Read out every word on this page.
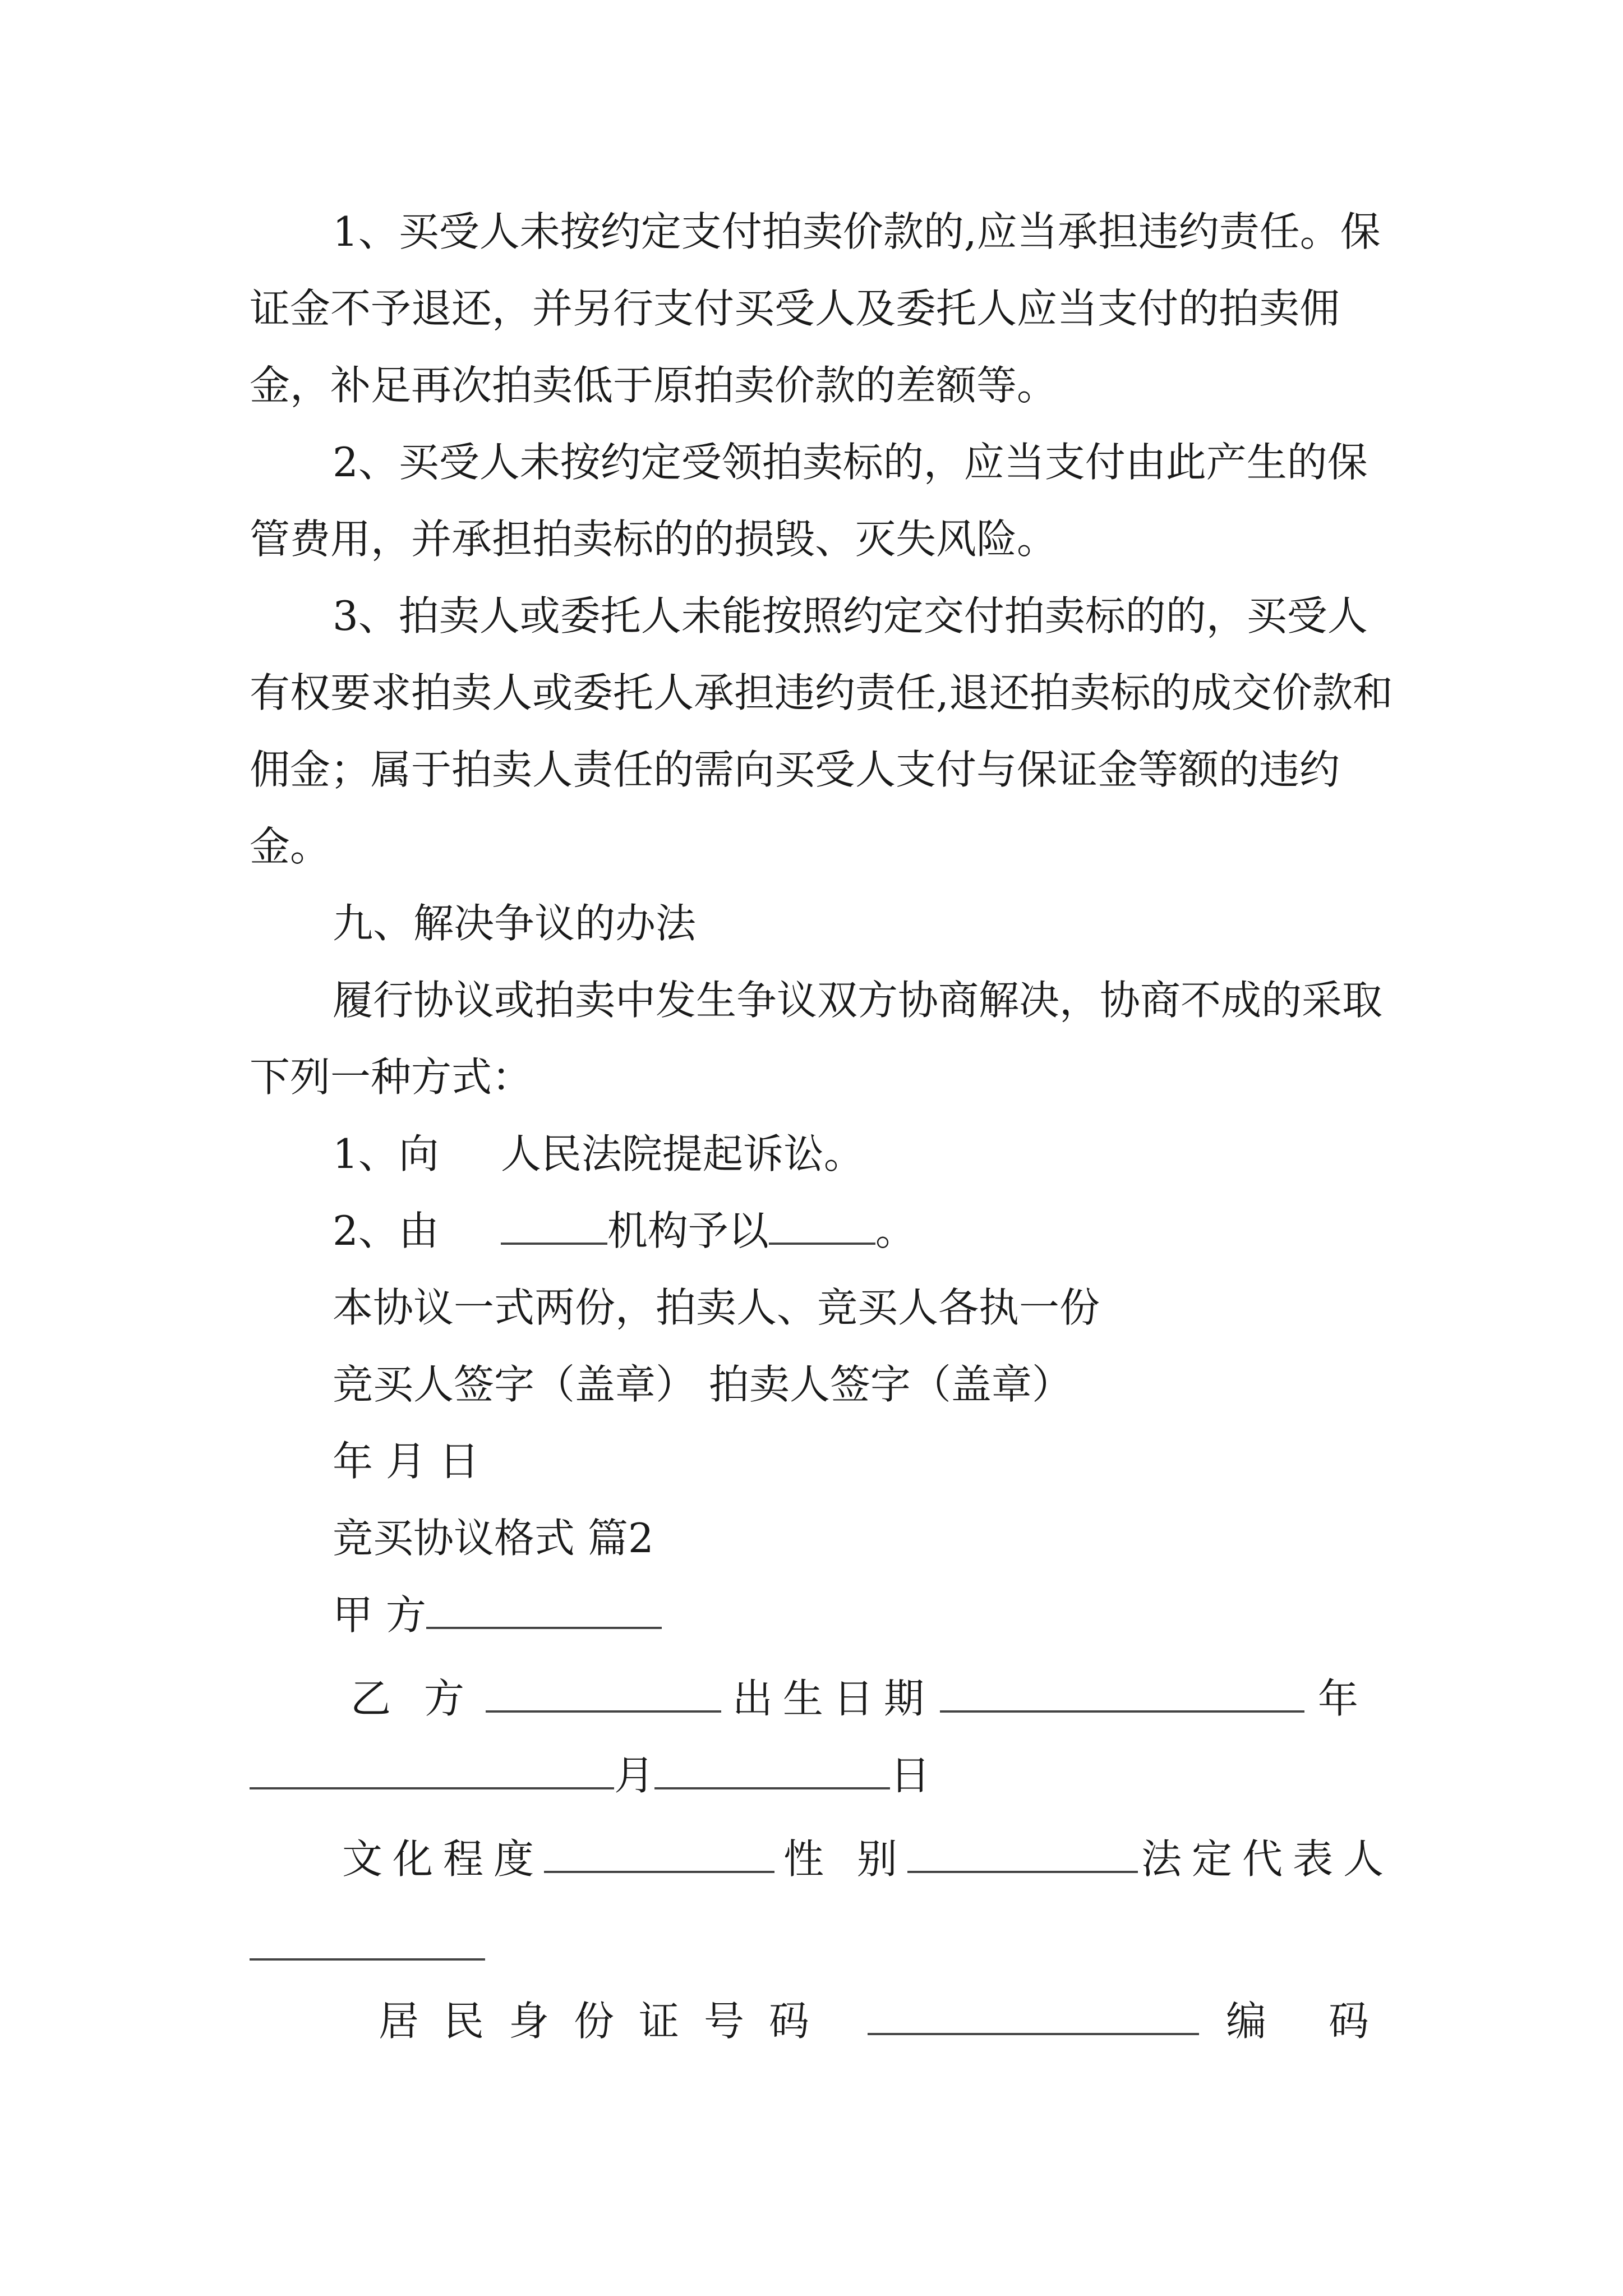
1、买受人未按约定支付拍卖价款的,应当承担违约责任。保证金不予退还，并另行支付买受人及委托人应当支付的拍卖佣金，补足再次拍卖低于原拍卖价款的差额等。

2、买受人未按约定受领拍卖标的，应当支付由此产生的保管费用，并承担拍卖标的的损毁、灭失风险。

3、拍卖人或委托人未能按照约定交付拍卖标的的，买受人有权要求拍卖人或委托人承担违约责任,退还拍卖标的成交价款和佣金；属于拍卖人责任的需向买受人支付与保证金等额的违约金。

九、解决争议的办法

履行协议或拍卖中发生争议双方协商解决，协商不成的采取下列一种方式：

1、向 人民法院提起诉讼。
2、由	机构予以	。

本协议一式两份，拍卖人、竞买人各执一份

竞买人签字（盖章） 拍卖人签字（盖章）

年 月 日

竞买协议格式 篇2

甲 方
乙 方	出生日期	年
月	日
文化程度	性 别	法定代表人
居民身份证号码	编 码
